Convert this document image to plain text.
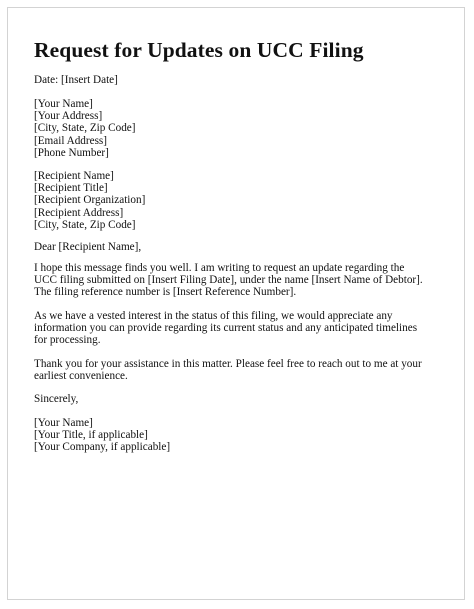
Request for Updates on UCC Filing
Date: [Insert Date]
[Your Name]
[Your Address]
[City, State, Zip Code]
[Email Address]
[Phone Number]
[Recipient Name]
[Recipient Title]
[Recipient Organization]
[Recipient Address]
[City, State, Zip Code]
Dear [Recipient Name],

I hope this message finds you well. I am writing to request an update regarding the UCC filing submitted on [Insert Filing Date], under the name [Insert Name of Debtor]. The filing reference number is [Insert Reference Number].

As we have a vested interest in the status of this filing, we would appreciate any information you can provide regarding its current status and any anticipated timelines for processing.

Thank you for your assistance in this matter. Please feel free to reach out to me at your earliest convenience.

Sincerely,
[Your Name]
[Your Title, if applicable]
[Your Company, if applicable]
